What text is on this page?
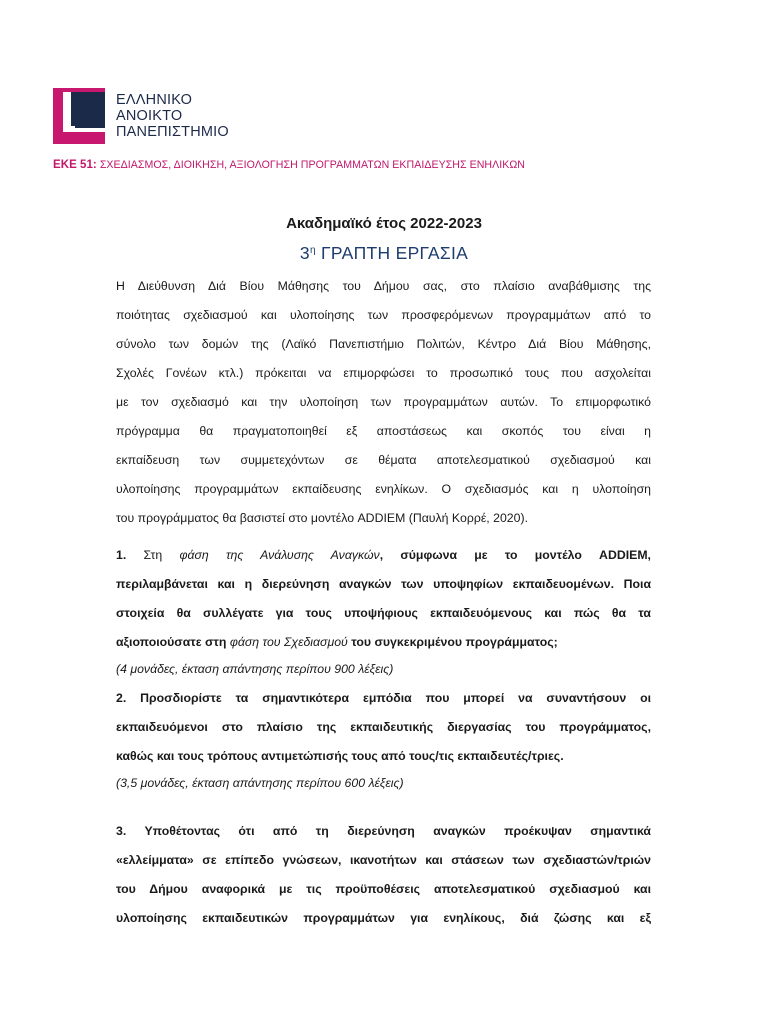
ΕΛΛΗΝΙΚΟ
ΑΝΟΙΚΤΟ
ΠΑΝΕΠΙΣΤΗΜΙΟ
ΕΚΕ 51: ΣΧΕΔΙΑΣΜΟΣ, ΔΙΟΙΚΗΣΗ, ΑΞΙΟΛΟΓΗΣΗ ΠΡΟΓΡΑΜΜΑΤΩΝ ΕΚΠΑΙΔΕΥΣΗΣ ΕΝΗΛΙΚΩΝ
Ακαδημαϊκό έτος 2022-2023
$3^\eta$ ΓΡΑΠΤΗ ΕΡΓΑΣΙΑ
Η Διεύθυνση Διά Βίου Μάθησης του Δήμου σας, στο πλαίσιο αναβάθμισης της
ποιότητας σχεδιασμού και υλοποίησης των προσφερόμενων προγραμμάτων από το
σύνολο των δομών της (Λαϊκό Πανεπιστήμιο Πολιτών, Κέντρο Διά Βίου Μάθησης,
Σχολές Γονέων κτλ.) πρόκειται να επιμορφώσει το προσωπικό τους που ασχολείται
με τον σχεδιασμό και την υλοποίηση των προγραμμάτων αυτών. Το επιμορφωτικό
πρόγραμμα θα πραγματοποιηθεί εξ αποστάσεως και σκοπός του είναι η
εκπαίδευση των συμμετεχόντων σε θέματα αποτελεσματικού σχεδιασμού και
υλοποίησης προγραμμάτων εκπαίδευσης ενηλίκων. Ο σχεδιασμός και η υλοποίηση
του προγράμματος θα βασιστεί στο μοντέλο ADDIEM (Παυλή Κορρέ, 2020).
1. Στη φάση της Ανάλυσης Αναγκών, σύμφωνα με το μοντέλο ADDIEM,
περιλαμβάνεται και η διερεύνηση αναγκών των υποψηφίων εκπαιδευομένων. Ποια
στοιχεία θα συλλέγατε για τους υποψήφιους εκπαιδευόμενους και πώς θα τα
αξιοποιούσατε στη φάση του Σχεδιασμού του συγκεκριμένου προγράμματος;
(4 μονάδες, έκταση απάντησης περίπου 900 λέξεις)
2. Προσδιορίστε τα σημαντικότερα εμπόδια που μπορεί να συναντήσουν οι
εκπαιδευόμενοι στο πλαίσιο της εκπαιδευτικής διεργασίας του προγράμματος,
καθώς και τους τρόπους αντιμετώπισής τους από τους/τις εκπαιδευτές/τριες.
(3,5 μονάδες, έκταση απάντησης περίπου 600 λέξεις)
3. Υποθέτοντας ότι από τη διερεύνηση αναγκών προέκυψαν σημαντικά
«ελλείμματα» σε επίπεδο γνώσεων, ικανοτήτων και στάσεων των σχεδιαστών/τριών
του Δήμου αναφορικά με τις προϋποθέσεις αποτελεσματικού σχεδιασμού και
υλοποίησης εκπαιδευτικών προγραμμάτων για ενηλίκους, διά ζώσης και εξ
